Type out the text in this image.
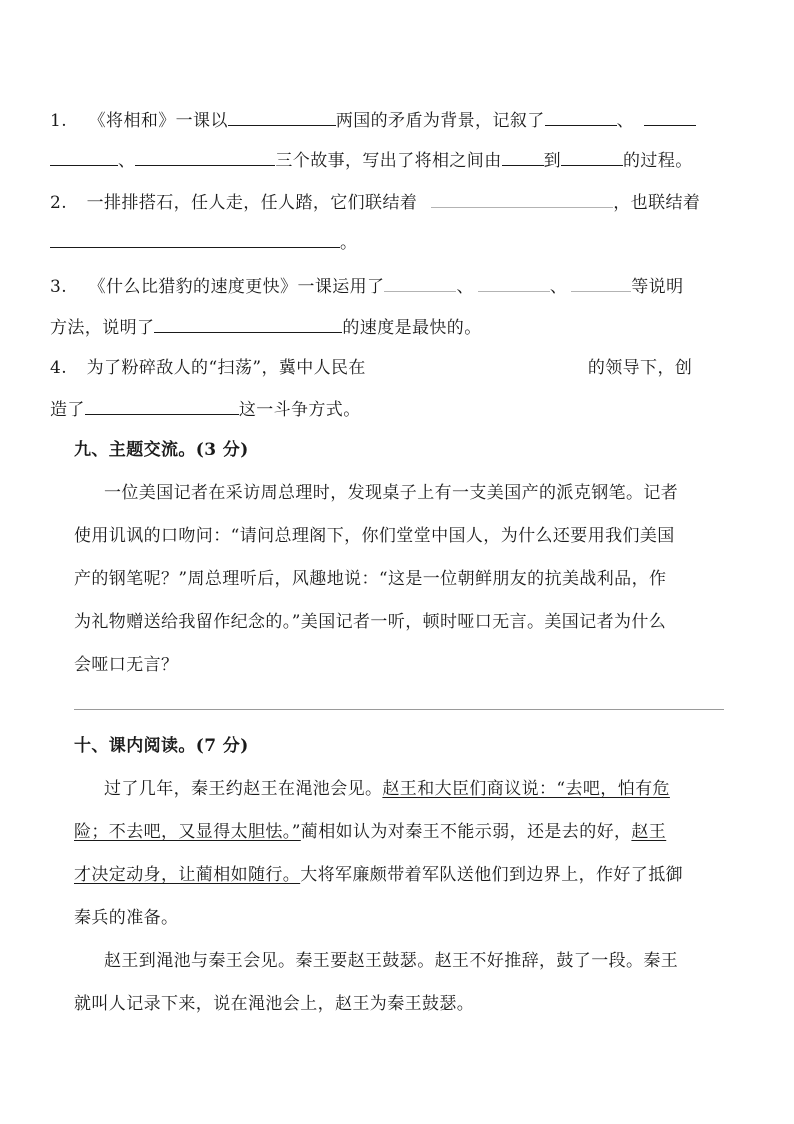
1. 《将相和》一课以	两国的矛盾为背景，记叙了	、
、	三个故事，写出了将相之间由 到	的过程。
2. 一排排搭石，任人走，任人踏，它们联结着	，也联结着
。
3. 《什么比猎豹的速度更快》一课运用了	、	、	等说明
方法，说明了	的速度是最快的。
4. 为了粉碎敌人的“扫荡”，冀中人民在	的领导下，创
造了	这一斗争方式。
九、主题交流。(3 分)
一位美国记者在采访周总理时，发现桌子上有一支美国产的派克钢笔。记者
使用讥讽的口吻问：“请问总理阁下，你们堂堂中国人，为什么还要用我们美国
产的钢笔呢？”周总理听后，风趣地说：“这是一位朝鲜朋友的抗美战利品，作
为礼物赠送给我留作纪念的。”美国记者一听，顿时哑口无言。美国记者为什么
会哑口无言？
十、课内阅读。(7 分)
过了几年，秦王约赵王在渑池会见。赵王和大臣们商议说：“去吧，怕有危
险；不去吧，又显得太胆怯。”蔺相如认为对秦王不能示弱，还是去的好，赵王
才决定动身，让蔺相如随行。大将军廉颇带着军队送他们到边界上，作好了抵御
秦兵的准备。
赵王到渑池与秦王会见。秦王要赵王鼓瑟。赵王不好推辞，鼓了一段。秦王
就叫人记录下来，说在渑池会上，赵王为秦王鼓瑟。
